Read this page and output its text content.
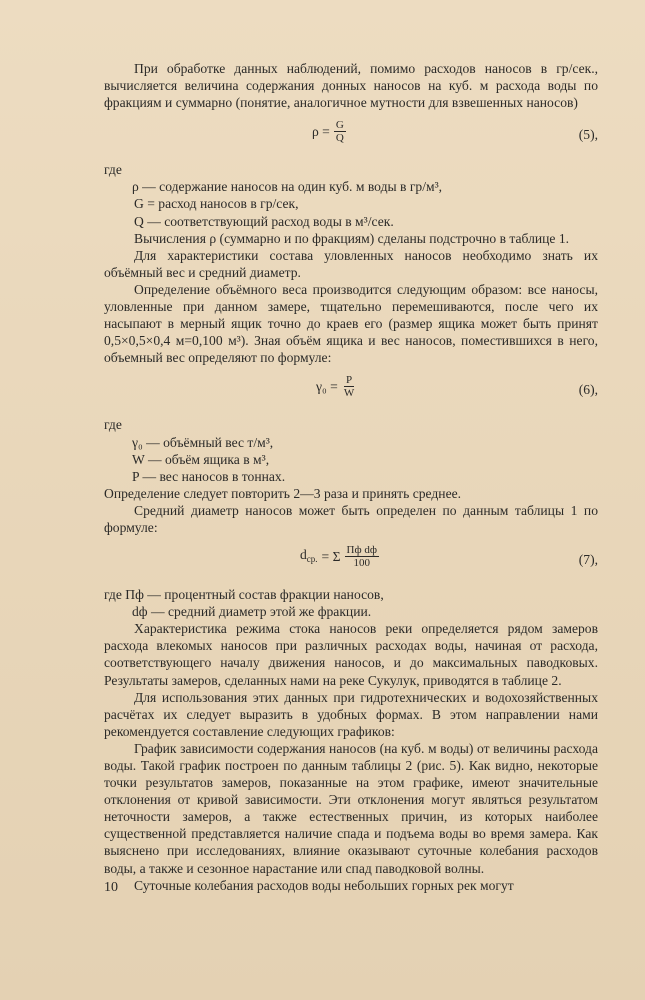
При обработке данных наблюдений, помимо расходов наносов в гр/сек., вычисляется величина содержания донных наносов на куб. м расхода воды по фракциям и суммарно (понятие, аналогичное мутности для взвешенных наносов)

$\rho = \frac{G}{Q}$	(5),

где

ρ — содержание наносов на один куб. м воды в гр/м³,

G = расход наносов в гр/сек,

Q — соответствующий расход воды в м³/сек.

Вычисления ρ (суммарно и по фракциям) сделаны подстрочно в таблице 1.

Для характеристики состава уловленных наносов необходимо знать их объёмный вес и средний диаметр.

Определение объёмного веса производится следующим образом: все наносы, уловленные при данном замере, тщательно перемешиваются, после чего их насыпают в мерный ящик точно до краев его (размер ящика может быть принят 0,5×0,5×0,4 м=0,100 м³). Зная объём ящика и вес наносов, поместившихся в него, объемный вес определяют по формуле:

$\gamma_0 = \frac{P}{W}$	(6),

где

γ₀ — объёмный вес т/м³,

W — объём ящика в м³,

P — вес наносов в тоннах.

Определение следует повторить 2—3 раза и принять среднее.

Средний диаметр наносов может быть определен по данным таблицы 1 по формуле:

$d_{ср.} = \Sigma \frac{\text{Пф dф}}{100}$	(7),

где Пф — процентный состав фракции наносов,

dф — средний диаметр этой же фракции.

Характеристика режима стока наносов реки определяется рядом замеров расхода влекомых наносов при различных расходах воды, начиная от расхода, соответствующего началу движения наносов, и до максимальных паводковых. Результаты замеров, сделанных нами на реке Сукулук, приводятся в таблице 2.

Для использования этих данных при гидротехнических и водохозяйственных расчётах их следует выразить в удобных формах. В этом направлении нами рекомендуется составление следующих графиков:

График зависимости содержания наносов (на куб. м воды) от величины расхода воды. Такой график построен по данным таблицы 2 (рис. 5). Как видно, некоторые точки результатов замеров, показанные на этом графике, имеют значительные отклонения от кривой зависимости. Эти отклонения могут являться результатом неточности замеров, а также естественных причин, из которых наиболее существенной представляется наличие спада и подъема воды во время замера. Как выяснено при исследованиях, влияние оказывают суточные колебания расходов воды, а также и сезонное нарастание или спад паводковой волны.

Суточные колебания расходов воды небольших горных рек могут

10
